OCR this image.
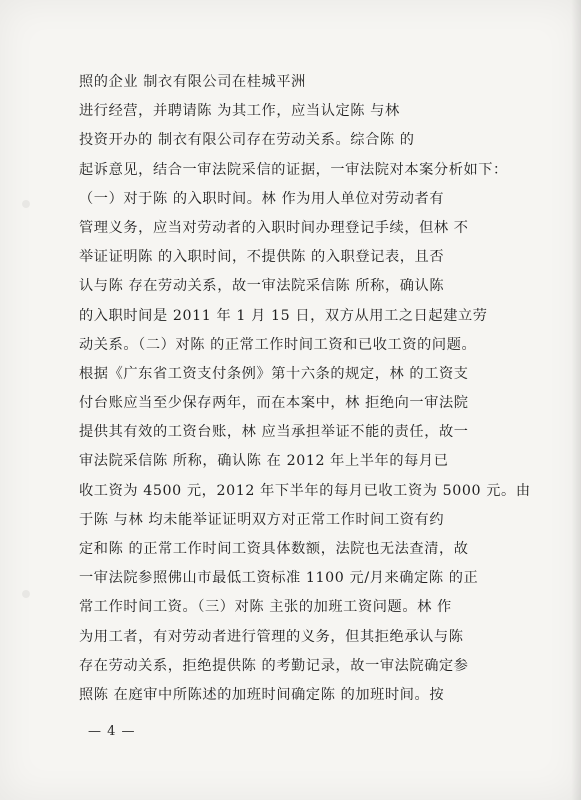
照的企业 制衣有限公司在桂城平洲
进行经营，并聘请陈 为其工作，应当认定陈 与林
投资开办的 制衣有限公司存在劳动关系。综合陈 的
起诉意见，结合一审法院采信的证据，一审法院对本案分析如下：
（一）对于陈 的入职时间。林 作为用人单位对劳动者有
管理义务，应当对劳动者的入职时间办理登记手续，但林 不
举证证明陈 的入职时间，不提供陈 的入职登记表，且否
认与陈 存在劳动关系，故一审法院采信陈 所称，确认陈
的入职时间是 2011 年 1 月 15 日，双方从用工之日起建立劳
动关系。（二）对陈 的正常工作时间工资和已收工资的问题。
根据《广东省工资支付条例》第十六条的规定，林 的工资支
付台账应当至少保存两年，而在本案中，林 拒绝向一审法院
提供其有效的工资台账，林 应当承担举证不能的责任，故一
审法院采信陈 所称，确认陈 在 2012 年上半年的每月已
收工资为 4500 元，2012 年下半年的每月已收工资为 5000 元。由
于陈 与林 均未能举证证明双方对正常工作时间工资有约
定和陈 的正常工作时间工资具体数额，法院也无法查清，故
一审法院参照佛山市最低工资标准 1100 元/月来确定陈 的正
常工作时间工资。（三）对陈 主张的加班工资问题。林 作
为用工者，有对劳动者进行管理的义务，但其拒绝承认与陈
存在劳动关系，拒绝提供陈 的考勤记录，故一审法院确定参
照陈 在庭审中所陈述的加班时间确定陈 的加班时间。按
— 4 —
